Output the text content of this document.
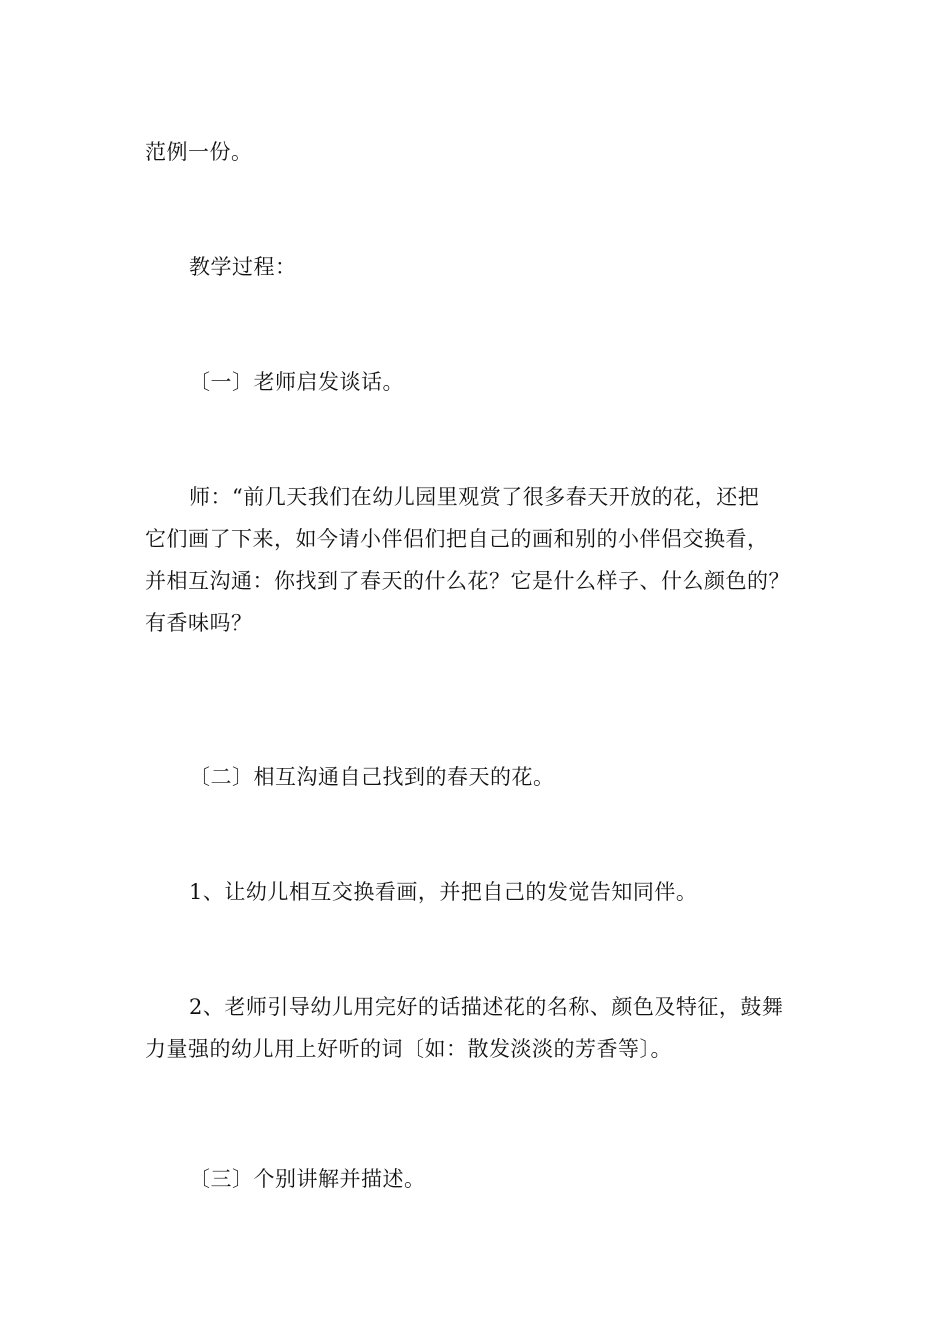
范例一份。

教学过程：

〔一〕老师启发谈话。

师：“前几天我们在幼儿园里观赏了很多春天开放的花，还把
它们画了下来，如今请小伴侣们把自己的画和别的小伴侣交换看，
并相互沟通：你找到了春天的什么花？它是什么样子、什么颜色的？
有香味吗？

〔二〕相互沟通自己找到的春天的花。

1、让幼儿相互交换看画，并把自己的发觉告知同伴。

2、老师引导幼儿用完好的话描述花的名称、颜色及特征，鼓舞
力量强的幼儿用上好听的词〔如：散发淡淡的芳香等〕。

〔三〕个别讲解并描述。
